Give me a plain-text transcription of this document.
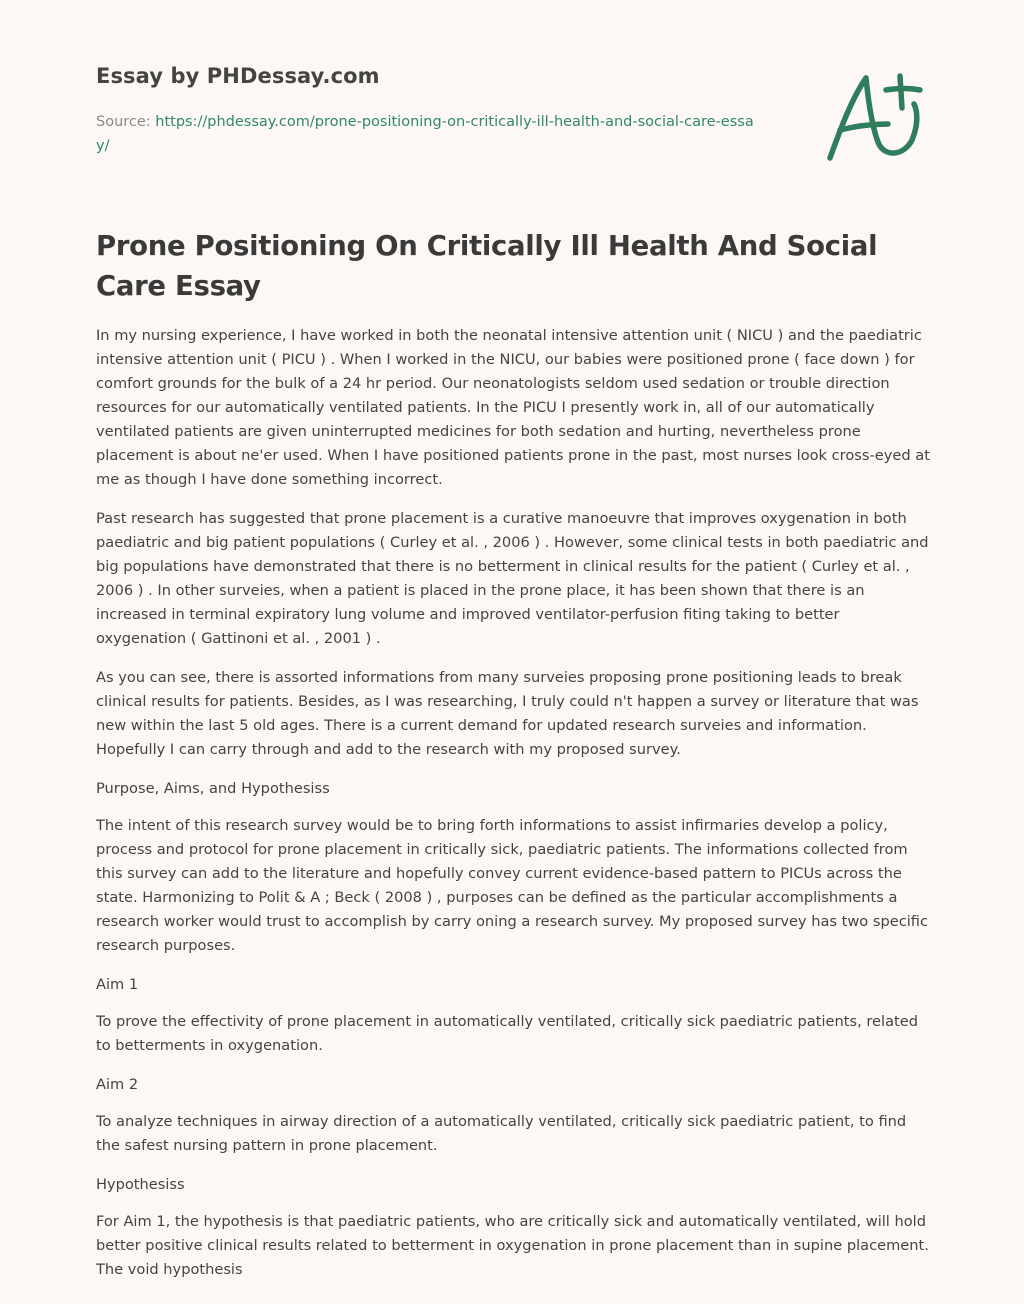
Essay by PHDessay.com
Source: https://phdessay.com/prone-positioning-on-critically-ill-health-and-social-care-essay/
Prone Positioning On Critically Ill Health And Social Care Essay

In my nursing experience, I have worked in both the neonatal intensive attention unit ( NICU ) and the paediatric intensive attention unit ( PICU ) . When I worked in the NICU, our babies were positioned prone ( face down ) for comfort grounds for the bulk of a 24 hr period. Our neonatologists seldom used sedation or trouble direction resources for our automatically ventilated patients. In the PICU I presently work in, all of our automatically ventilated patients are given uninterrupted medicines for both sedation and hurting, nevertheless prone placement is about ne'er used. When I have positioned patients prone in the past, most nurses look cross-eyed at me as though I have done something incorrect.

Past research has suggested that prone placement is a curative manoeuvre that improves oxygenation in both paediatric and big patient populations ( Curley et al. , 2006 ) . However, some clinical tests in both paediatric and big populations have demonstrated that there is no betterment in clinical results for the patient ( Curley et al. , 2006 ) . In other surveies, when a patient is placed in the prone place, it has been shown that there is an increased in terminal expiratory lung volume and improved ventilator-perfusion fiting taking to better oxygenation ( Gattinoni et al. , 2001 ) .

As you can see, there is assorted informations from many surveies proposing prone positioning leads to break clinical results for patients. Besides, as I was researching, I truly could n't happen a survey or literature that was new within the last 5 old ages. There is a current demand for updated research surveies and information. Hopefully I can carry through and add to the research with my proposed survey.

Purpose, Aims, and Hypothesiss

The intent of this research survey would be to bring forth informations to assist infirmaries develop a policy, process and protocol for prone placement in critically sick, paediatric patients. The informations collected from this survey can add to the literature and hopefully convey current evidence-based pattern to PICUs across the state. Harmonizing to Polit & A ; Beck ( 2008 ) , purposes can be defined as the particular accomplishments a research worker would trust to accomplish by carry oning a research survey. My proposed survey has two specific research purposes.

Aim 1

To prove the effectivity of prone placement in automatically ventilated, critically sick paediatric patients, related to betterments in oxygenation.

Aim 2

To analyze techniques in airway direction of a automatically ventilated, critically sick paediatric patient, to find the safest nursing pattern in prone placement.

Hypothesiss

For Aim 1, the hypothesis is that paediatric patients, who are critically sick and automatically ventilated, will hold better positive clinical results related to betterment in oxygenation in prone placement than in supine placement. The void hypothesis
